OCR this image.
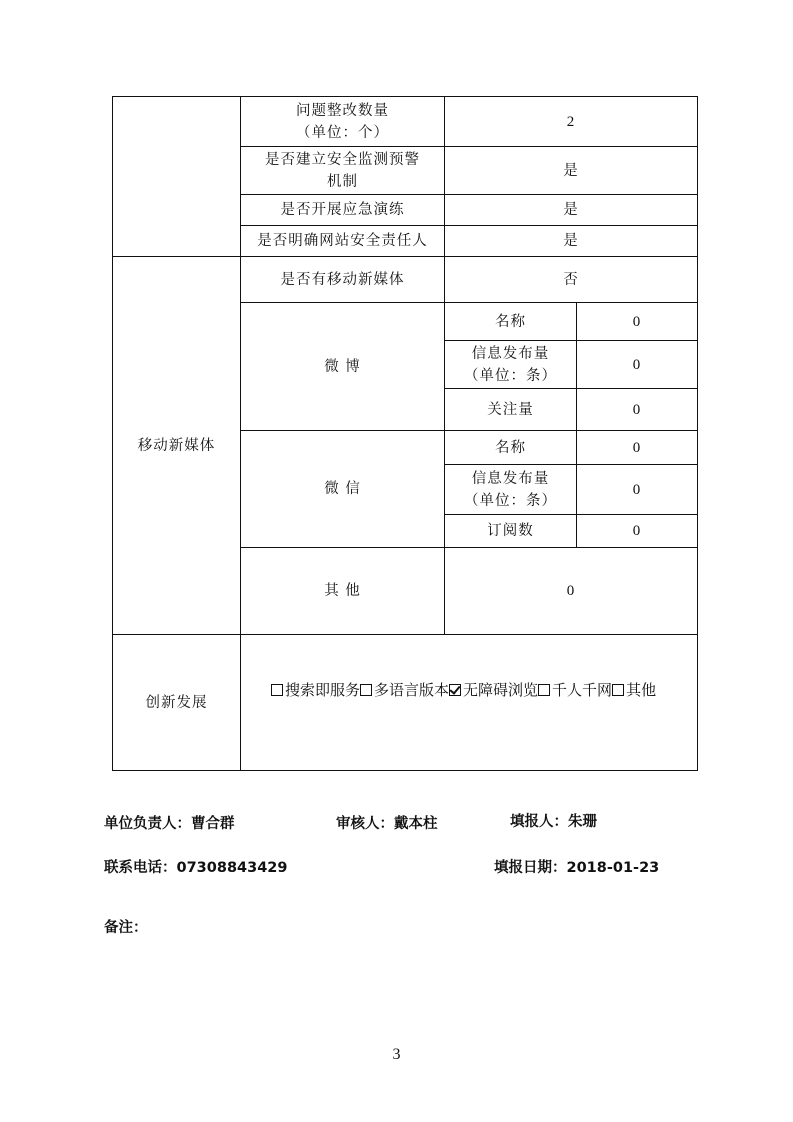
	问题整改数量
（单位：个）	2	

	是否建立安全监测预警
机制	是	
	是否开展应急演练	是	
	是否明确网站安全责任人	是	
移动新媒体	是否有移动新媒体	否	
	微 博	名称	0

		信息发布量
（单位：条）	0
		关注量	0
	微 信	名称	0

		信息发布量
（单位：条）	0
		订阅数	0
	其 他	0	
创新发展	搜索即服务 多语言版本 无障碍浏览 千人千网 其他		
单位负责人：曹合群	审核人：戴本柱	填报人：朱珊
联系电话：07308843429	填报日期：2018-01-23
备注：
3
